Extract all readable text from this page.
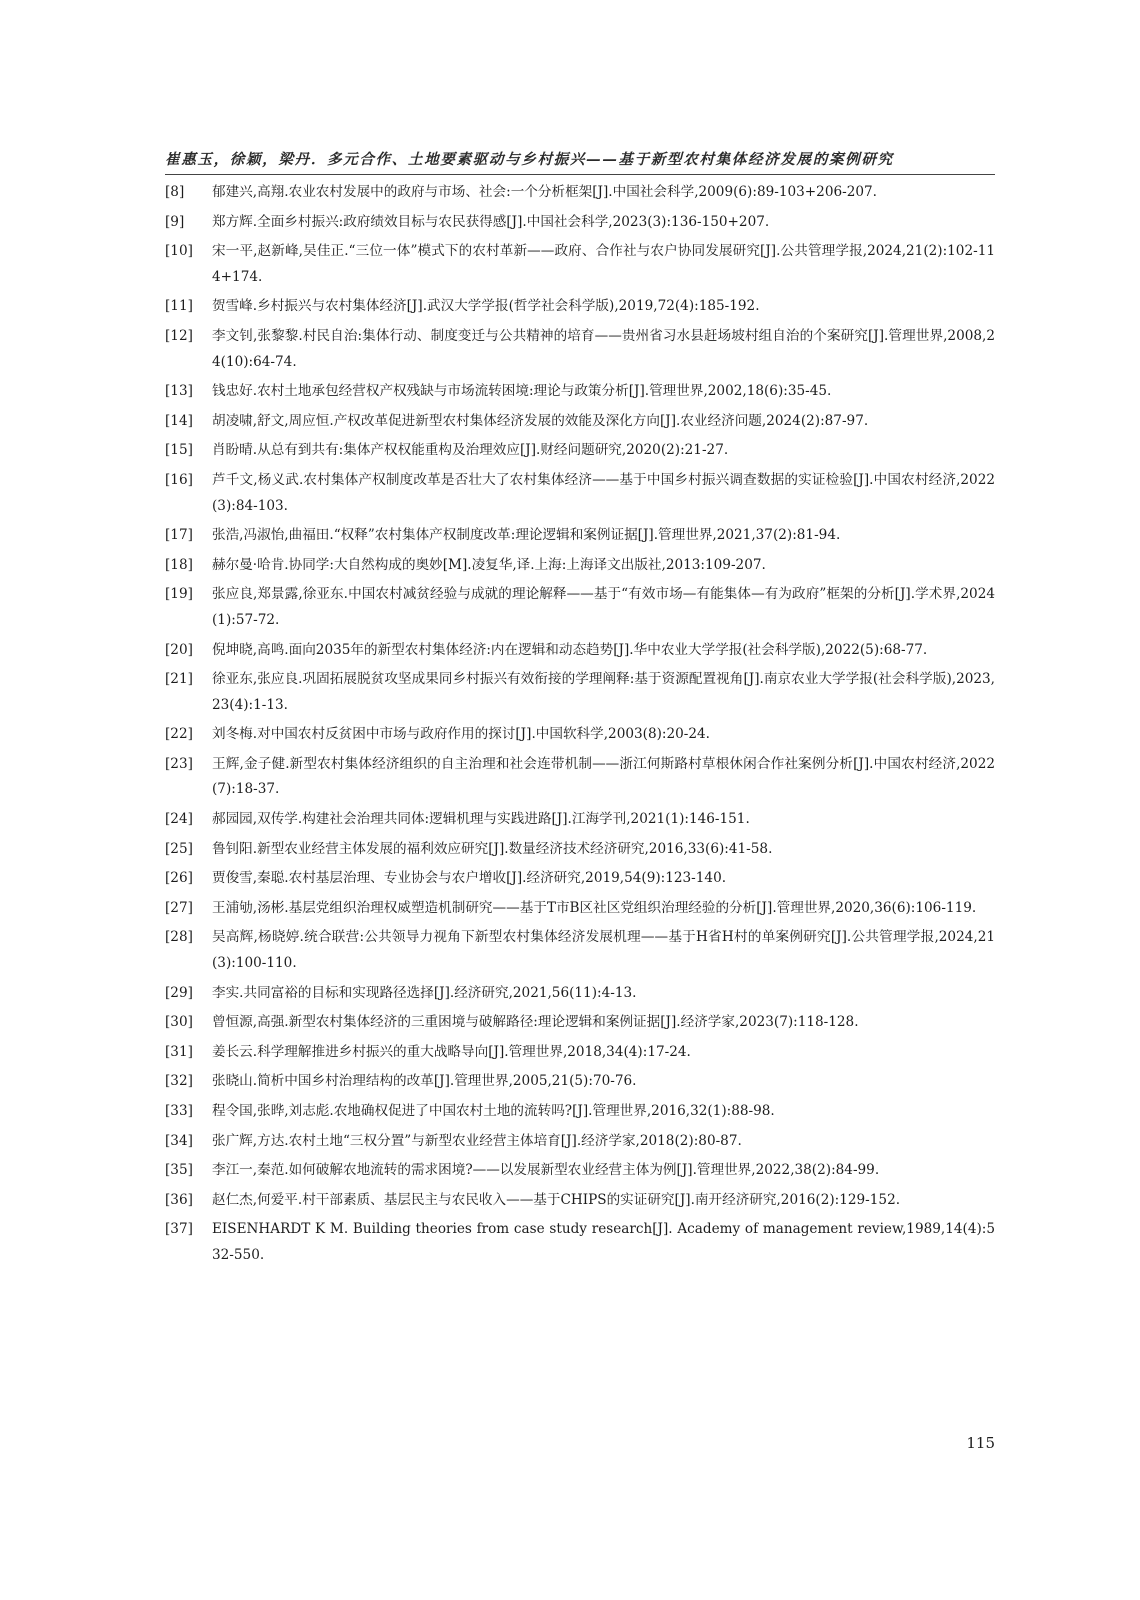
崔惠玉，徐颖，梁丹．多元合作、土地要素驱动与乡村振兴——基于新型农村集体经济发展的案例研究
[8]	郁建兴,高翔.农业农村发展中的政府与市场、社会:一个分析框架[J].中国社会科学,2009(6):89-103+206-207.
[9]	郑方辉.全面乡村振兴:政府绩效目标与农民获得感[J].中国社会科学,2023(3):136-150+207.
[10]	宋一平,赵新峰,吴佳正.“三位一体”模式下的农村革新——政府、合作社与农户协同发展研究[J].公共管理学报,2024,21(2):102-114+174.
[11]	贺雪峰.乡村振兴与农村集体经济[J].武汉大学学报(哲学社会科学版),2019,72(4):185-192.
[12]	李文钊,张黎黎.村民自治:集体行动、制度变迁与公共精神的培育——贵州省习水县赶场坡村组自治的个案研究[J].管理世界,2008,24(10):64-74.
[13]	钱忠好.农村土地承包经营权产权残缺与市场流转困境:理论与政策分析[J].管理世界,2002,18(6):35-45.
[14]	胡凌啸,舒文,周应恒.产权改革促进新型农村集体经济发展的效能及深化方向[J].农业经济问题,2024(2):87-97.
[15]	肖盼晴.从总有到共有:集体产权权能重构及治理效应[J].财经问题研究,2020(2):21-27.
[16]	芦千文,杨义武.农村集体产权制度改革是否壮大了农村集体经济——基于中国乡村振兴调查数据的实证检验[J].中国农村经济,2022(3):84-103.
[17]	张浩,冯淑怡,曲福田.“权释”农村集体产权制度改革:理论逻辑和案例证据[J].管理世界,2021,37(2):81-94.
[18]	赫尔曼·哈肯.协同学:大自然构成的奥妙[M].凌复华,译.上海:上海译文出版社,2013:109-207.
[19]	张应良,郑景露,徐亚东.中国农村减贫经验与成就的理论解释——基于“有效市场—有能集体—有为政府”框架的分析[J].学术界,2024(1):57-72.
[20]	倪坤晓,高鸣.面向2035年的新型农村集体经济:内在逻辑和动态趋势[J].华中农业大学学报(社会科学版),2022(5):68-77.
[21]	徐亚东,张应良.巩固拓展脱贫攻坚成果同乡村振兴有效衔接的学理阐释:基于资源配置视角[J].南京农业大学学报(社会科学版),2023,23(4):1-13.
[22]	刘冬梅.对中国农村反贫困中市场与政府作用的探讨[J].中国软科学,2003(8):20-24.
[23]	王辉,金子健.新型农村集体经济组织的自主治理和社会连带机制——浙江何斯路村草根休闲合作社案例分析[J].中国农村经济,2022(7):18-37.
[24]	郝园园,双传学.构建社会治理共同体:逻辑机理与实践进路[J].江海学刊,2021(1):146-151.
[25]	鲁钊阳.新型农业经营主体发展的福利效应研究[J].数量经济技术经济研究,2016,33(6):41-58.
[26]	贾俊雪,秦聪.农村基层治理、专业协会与农户增收[J].经济研究,2019,54(9):123-140.
[27]	王浦劬,汤彬.基层党组织治理权威塑造机制研究——基于T市B区社区党组织治理经验的分析[J].管理世界,2020,36(6):106-119.
[28]	吴高辉,杨晓婷.统合联营:公共领导力视角下新型农村集体经济发展机理——基于H省H村的单案例研究[J].公共管理学报,2024,21(3):100-110.
[29]	李实.共同富裕的目标和实现路径选择[J].经济研究,2021,56(11):4-13.
[30]	曾恒源,高强.新型农村集体经济的三重困境与破解路径:理论逻辑和案例证据[J].经济学家,2023(7):118-128.
[31]	姜长云.科学理解推进乡村振兴的重大战略导向[J].管理世界,2018,34(4):17-24.
[32]	张晓山.简析中国乡村治理结构的改革[J].管理世界,2005,21(5):70-76.
[33]	程令国,张晔,刘志彪.农地确权促进了中国农村土地的流转吗?[J].管理世界,2016,32(1):88-98.
[34]	张广辉,方达.农村土地“三权分置”与新型农业经营主体培育[J].经济学家,2018(2):80-87.
[35]	李江一,秦范.如何破解农地流转的需求困境?——以发展新型农业经营主体为例[J].管理世界,2022,38(2):84-99.
[36]	赵仁杰,何爱平.村干部素质、基层民主与农民收入——基于CHIPS的实证研究[J].南开经济研究,2016(2):129-152.
[37]	EISENHARDT K M. Building theories from case study research[J]. Academy of management review,1989,14(4):532-550.
115
